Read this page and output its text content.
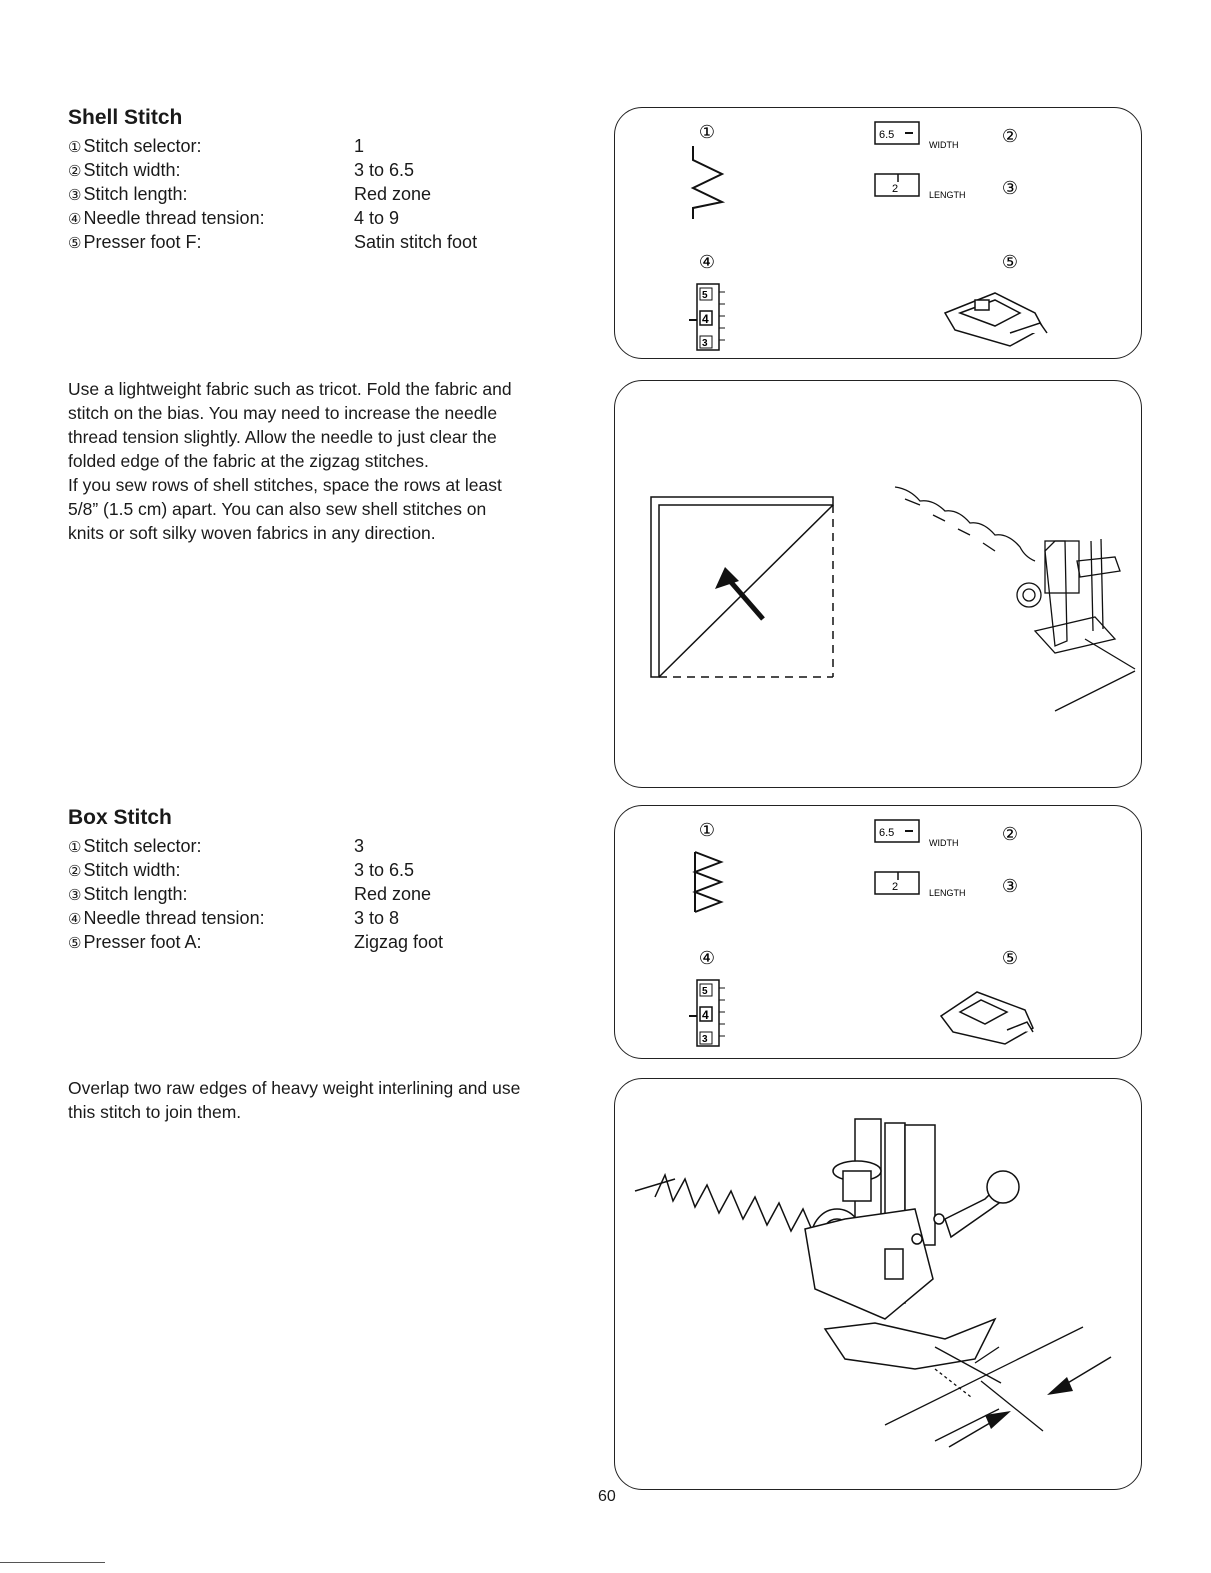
Shell Stitch
① Stitch selector:	1
② Stitch width:	3 to 6.5
③ Stitch length:	Red zone
④ Needle thread tension:	4 to 9
⑤ Presser foot F:	Satin stitch foot
Use a lightweight fabric such as tricot. Fold the fabric and
stitch on the bias. You may need to increase the needle
thread tension slightly. Allow the needle to just clear the
folded edge of the fabric at the zigzag stitches.
If you sew rows of shell stitches, space the rows at least
5/8” (1.5 cm) apart. You can also sew shell stitches on
knits or soft silky woven fabrics in any direction.
①	②
③
④	⑤
6.5
WIDTH
2	LENGTH
5
4
3
Box Stitch
① Stitch selector:	3
② Stitch width:	3 to 6.5
③ Stitch length:	Red zone
④ Needle thread tension:	3 to 8
⑤ Presser foot A:	Zigzag foot
Overlap two raw edges of heavy weight interlining and use
this stitch to join them.
①	②
③
④	⑤
6.5
WIDTH
2	LENGTH
5
4
3
60
